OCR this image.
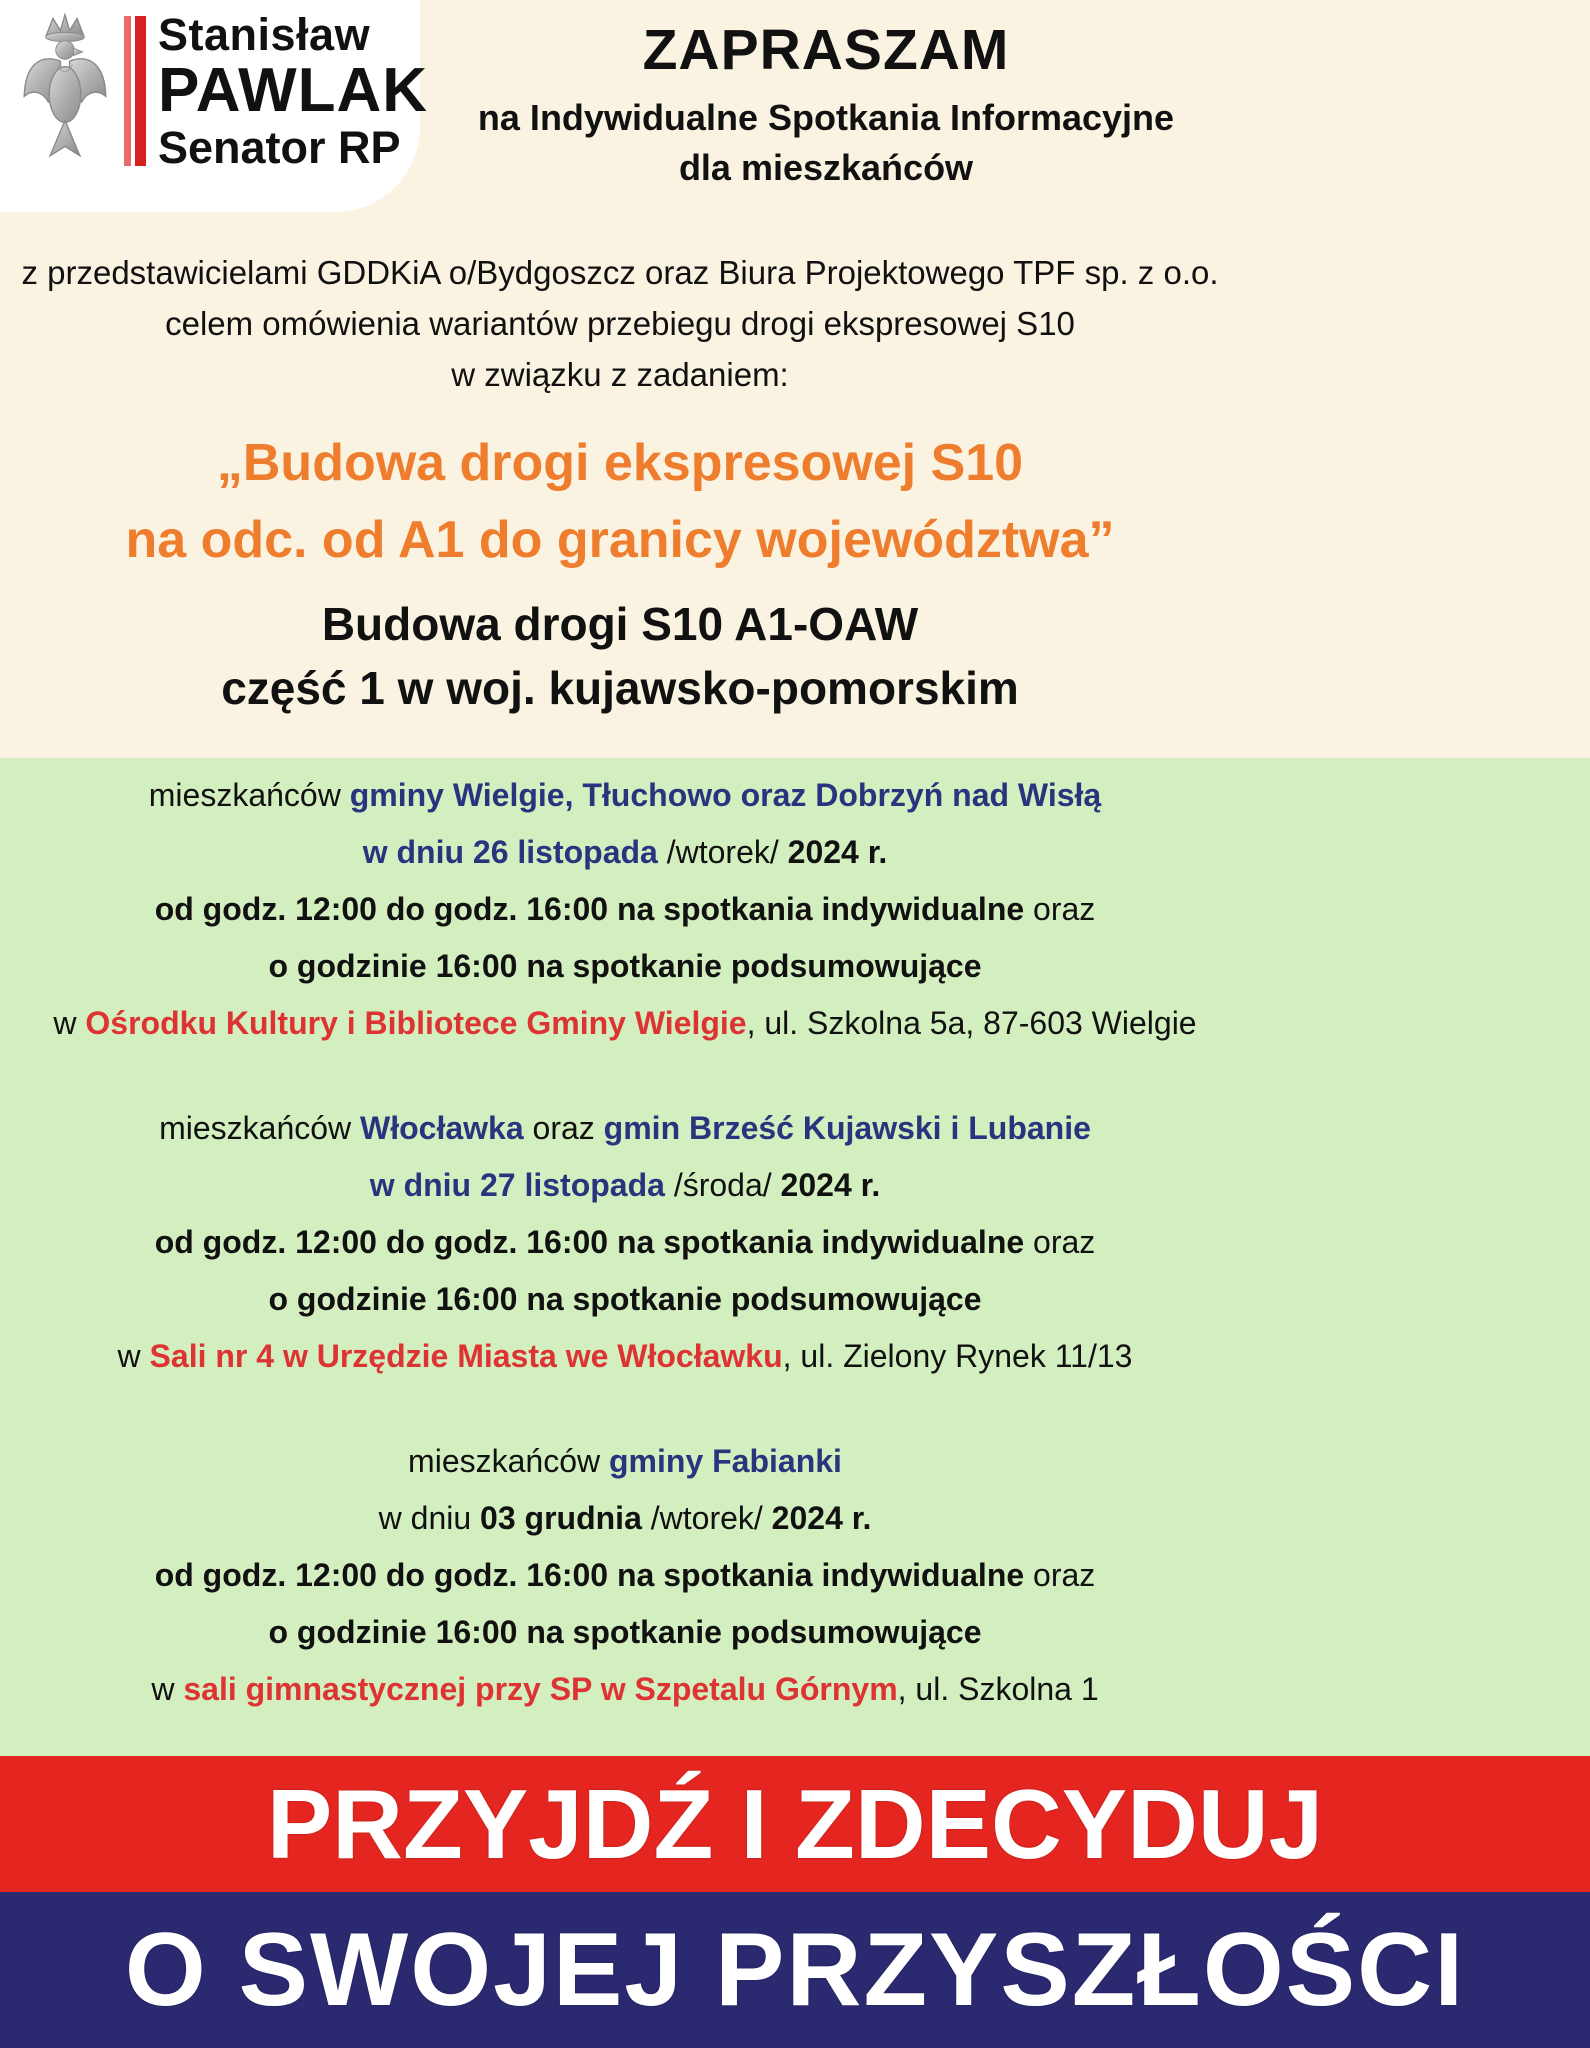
Stanisław
PAWLAK
Senator RP

ZAPRASZAM

na Indywidualne Spotkania Informacyjne

dla mieszkańców

z przedstawicielami GDDKiA o/Bydgoszcz oraz Biura Projektowego TPF sp. z o.o.

celem omówienia wariantów przebiegu drogi ekspresowej S10

w związku z zadaniem:

„Budowa drogi ekspresowej S10

na odc. od A1 do granicy województwa”

Budowa drogi S10 A1-OAW

część 1 w woj. kujawsko-pomorskim

mieszkańców gminy Wielgie, Tłuchowo oraz Dobrzyń nad Wisłą

w dniu 26 listopada /wtorek/ 2024 r.

od godz. 12:00 do godz. 16:00 na spotkania indywidualne oraz

o godzinie 16:00 na spotkanie podsumowujące

w Ośrodku Kultury i Bibliotece Gminy Wielgie, ul. Szkolna 5a, 87-603 Wielgie

mieszkańców Włocławka oraz gmin Brześć Kujawski i Lubanie

w dniu 27 listopada /środa/ 2024 r.

od godz. 12:00 do godz. 16:00 na spotkania indywidualne oraz

o godzinie 16:00 na spotkanie podsumowujące

w Sali nr 4 w Urzędzie Miasta we Włocławku, ul. Zielony Rynek 11/13

mieszkańców gminy Fabianki

w dniu 03 grudnia /wtorek/ 2024 r.

od godz. 12:00 do godz. 16:00 na spotkania indywidualne oraz

o godzinie 16:00 na spotkanie podsumowujące

w sali gimnastycznej przy SP w Szpetalu Górnym, ul. Szkolna 1

PRZYJDŹ I ZDECYDUJ
O SWOJEJ PRZYSZŁOŚCI
